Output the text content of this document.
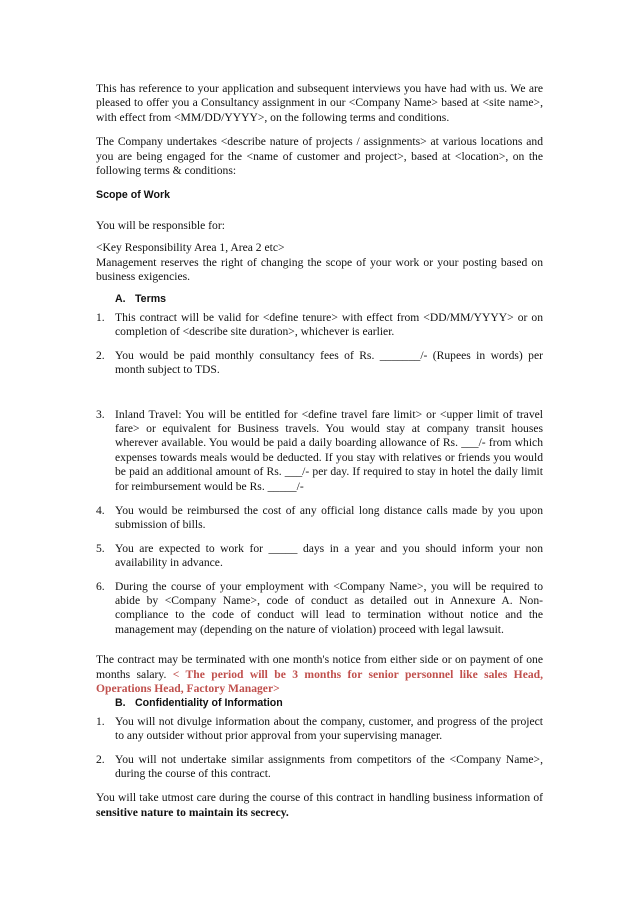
This has reference to your application and subsequent interviews you have had with us. We are pleased to offer you a Consultancy assignment in our <Company Name> based at <site name>, with effect from <MM/DD/YYYY>, on the following terms and conditions.

The Company undertakes <describe nature of projects / assignments> at various locations and you are being engaged for the <name of customer and project>, based at <location>, on the following terms & conditions:

Scope of Work

You will be responsible for:

<Key Responsibility Area 1, Area 2 etc>

Management reserves the right of changing the scope of your work or your posting based on business exigencies.

A. Terms
1. This contract will be valid for <define tenure> with effect from <DD/MM/YYYY> or on completion of <describe site duration>, whichever is earlier.
2. You would be paid monthly consultancy fees of Rs. _______/- (Rupees in words) per month subject to TDS.
3. Inland Travel: You will be entitled for <define travel fare limit> or <upper limit of travel fare> or equivalent for Business travels. You would stay at company transit houses wherever available. You would be paid a daily boarding allowance of Rs. ___/- from which expenses towards meals would be deducted. If you stay with relatives or friends you would be paid an additional amount of Rs. ___/- per day. If required to stay in hotel the daily limit for reimbursement would be Rs. _____/-
4. You would be reimbursed the cost of any official long distance calls made by you upon submission of bills.
5. You are expected to work for _____ days in a year and you should inform your non availability in advance.
6. During the course of your employment with <Company Name>, you will be required to abide by <Company Name>, code of conduct as detailed out in Annexure A. Non-compliance to the code of conduct will lead to termination without notice and the management may (depending on the nature of violation) proceed with legal lawsuit.

The contract may be terminated with one month's notice from either side or on payment of one months salary. < The period will be 3 months for senior personnel like sales Head, Operations Head, Factory Manager>

B. Confidentiality of Information
1. You will not divulge information about the company, customer, and progress of the project to any outsider without prior approval from your supervising manager.
2. You will not undertake similar assignments from competitors of the <Company Name>, during the course of this contract.

You will take utmost care during the course of this contract in handling business information of sensitive nature to maintain its secrecy.
